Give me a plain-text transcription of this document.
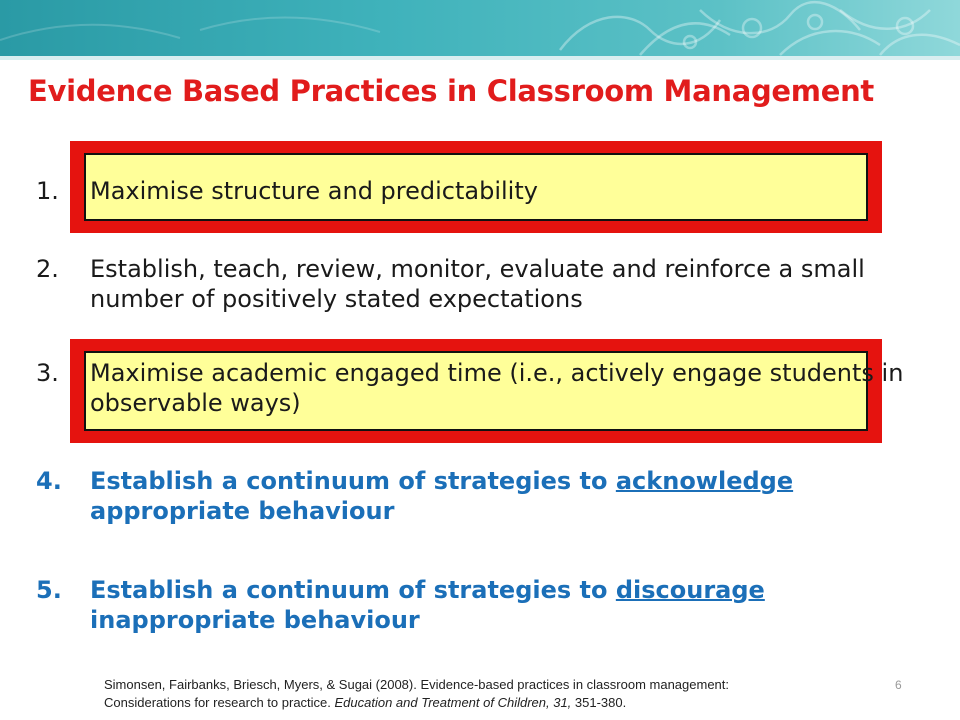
Evidence Based Practices in Classroom Management
1.	Maximise structure and predictability
2.	Establish, teach, review, monitor, evaluate and reinforce a small number of positively stated expectations
3.	Maximise academic engaged time (i.e., actively engage students in observable ways)
4.	Establish a continuum of strategies to acknowledge
appropriate behaviour
5.	Establish a continuum of strategies to discourage
inappropriate behaviour
Simonsen, Fairbanks, Briesch, Myers, & Sugai (2008). Evidence-based practices in classroom management:
Considerations for research to practice. Education and Treatment of Children, 31, 351-380.
6
